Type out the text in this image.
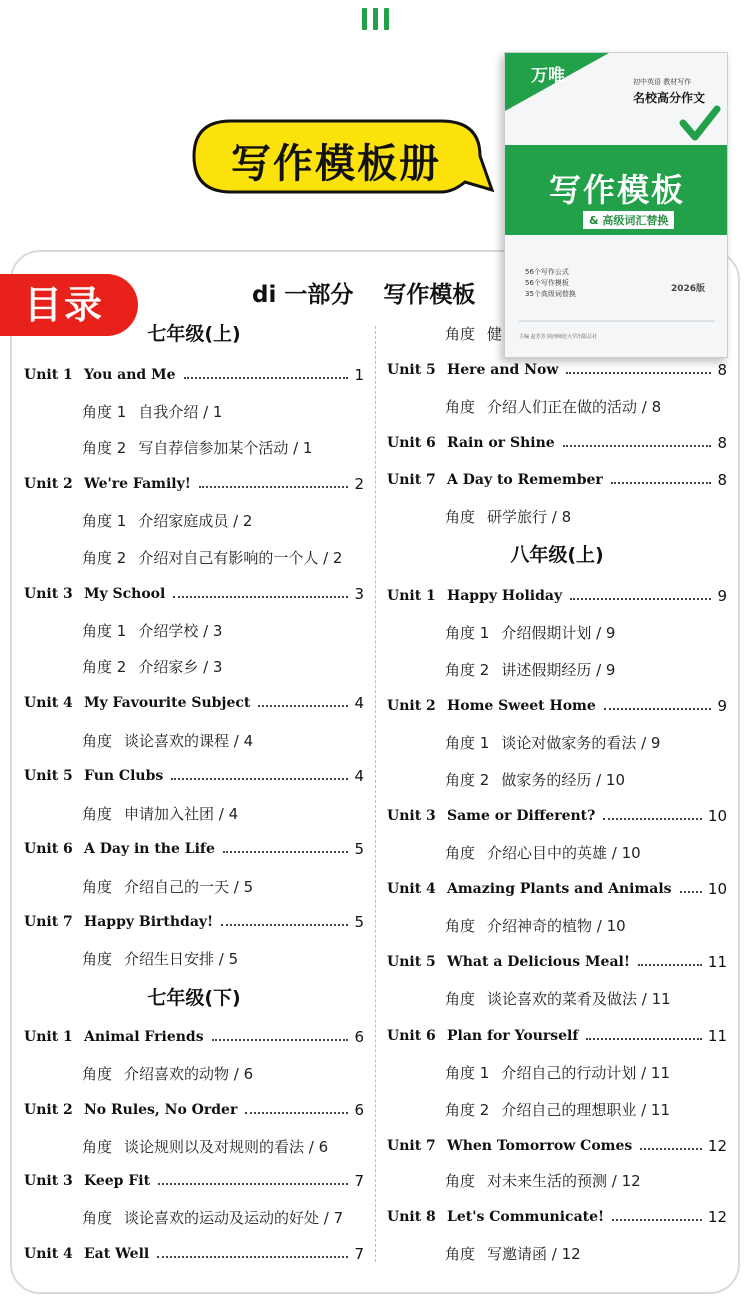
写作模板册
目录	di 一部分 写作模板
七年级(上)
Unit 1 You and Me	1
角度 1 自我介绍 / 1
角度 2 写自荐信参加某个活动 / 1
Unit 2 We're Family!	2
角度 1 介绍家庭成员 / 2
角度 2 介绍对自己有影响的一个人 / 2
Unit 3 My School	3
角度 1 介绍学校 / 3
角度 2 介绍家乡 / 3
Unit 4 My Favourite Subject	4
角度 谈论喜欢的课程 / 4
Unit 5 Fun Clubs	4
角度 申请加入社团 / 4
Unit 6 A Day in the Life	5
角度 介绍自己的一天 / 5
Unit 7 Happy Birthday!	5
角度 介绍生日安排 / 5
七年级(下)
Unit 1 Animal Friends	6
角度 介绍喜欢的动物 / 6
Unit 2 No Rules, No Order	6
角度 谈论规则以及对规则的看法 / 6
Unit 3 Keep Fit	7
角度 谈论喜欢的运动及运动的好处 / 7
Unit 4 Eat Well	7
角度 健
Unit 5 Here and Now	8
角度 介绍人们正在做的活动 / 8
Unit 6 Rain or Shine	8
Unit 7 A Day to Remember	8
角度 研学旅行 / 8
八年级(上)
Unit 1 Happy Holiday	9
角度 1 介绍假期计划 / 9
角度 2 讲述假期经历 / 9
Unit 2 Home Sweet Home	9
角度 1 谈论对做家务的看法 / 9
角度 2 做家务的经历 / 10
Unit 3 Same or Different?	10
角度 介绍心目中的英雄 / 10
Unit 4 Amazing Plants and Animals 10
角度 介绍神奇的植物 / 10
Unit 5 What a Delicious Meal!	11
角度 谈论喜欢的菜肴及做法 / 11
Unit 6 Plan for Yourself	11
角度 1 介绍自己的行动计划 / 11
角度 2 介绍自己的理想职业 / 11
Unit 7 When Tomorrow Comes	12
角度 对未来生活的预测 / 12
Unit 8 Let's Communicate!	12
角度 写邀请函 / 12
万唯	初中英语 教材写作
名校高分作文
写作模板
& 高级词汇替换
56个写作公式
56个写作模板
35个高级词替换	2026版
主编 赵芳芳 陕西师范大学出版总社
